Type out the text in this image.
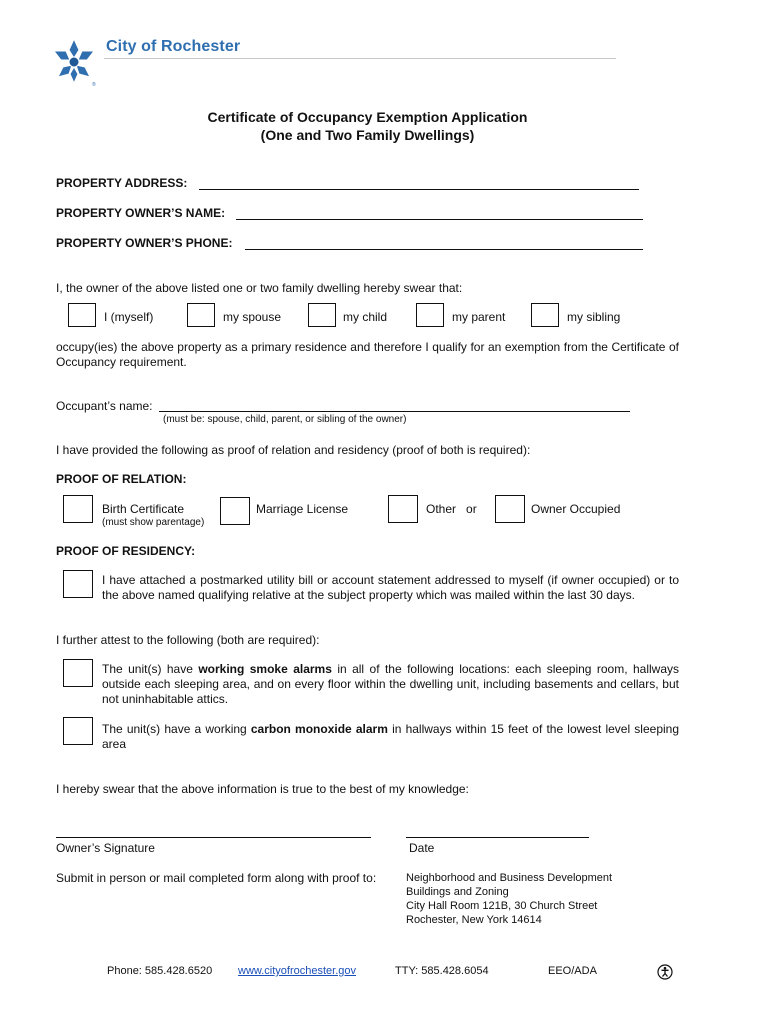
®
City of Rochester
Certificate of Occupancy Exemption Application
(One and Two Family Dwellings)
PROPERTY ADDRESS:
PROPERTY OWNER’S NAME:
PROPERTY OWNER’S PHONE:
I, the owner of the above listed one or two family dwelling hereby swear that:
I (myself)	my spouse	my child	my parent	my sibling
occupy(ies) the above property as a primary residence and therefore I qualify for an exemption from the Certificate of Occupancy requirement.
Occupant’s name:
(must be: spouse, child, parent, or sibling of the owner)
I have provided the following as proof of relation and residency (proof of both is required):
PROOF OF RELATION:
Birth Certificate
(must show parentage)
Marriage License	Other   or	Owner Occupied
PROOF OF RESIDENCY:
I have attached a postmarked utility bill or account statement addressed to myself (if owner occupied) or to the above named qualifying relative at the subject property which was mailed within the last 30 days.
I further attest to the following (both are required):
The unit(s) have working smoke alarms in all of the following locations: each sleeping room, hallways outside each sleeping area, and on every floor within the dwelling unit, including basements and cellars, but not uninhabitable attics.
The unit(s) have a working carbon monoxide alarm in hallways within 15 feet of the lowest level sleeping area
I hereby swear that the above information is true to the best of my knowledge:
Owner’s Signature	Date
Submit in person or mail completed form along with proof to:	Neighborhood and Business Development
Buildings and Zoning
City Hall Room 121B, 30 Church Street
Rochester, New York 14614
Phone: 585.428.6520 www.cityofrochester.gov	TTY: 585.428.6054	EEO/ADA
